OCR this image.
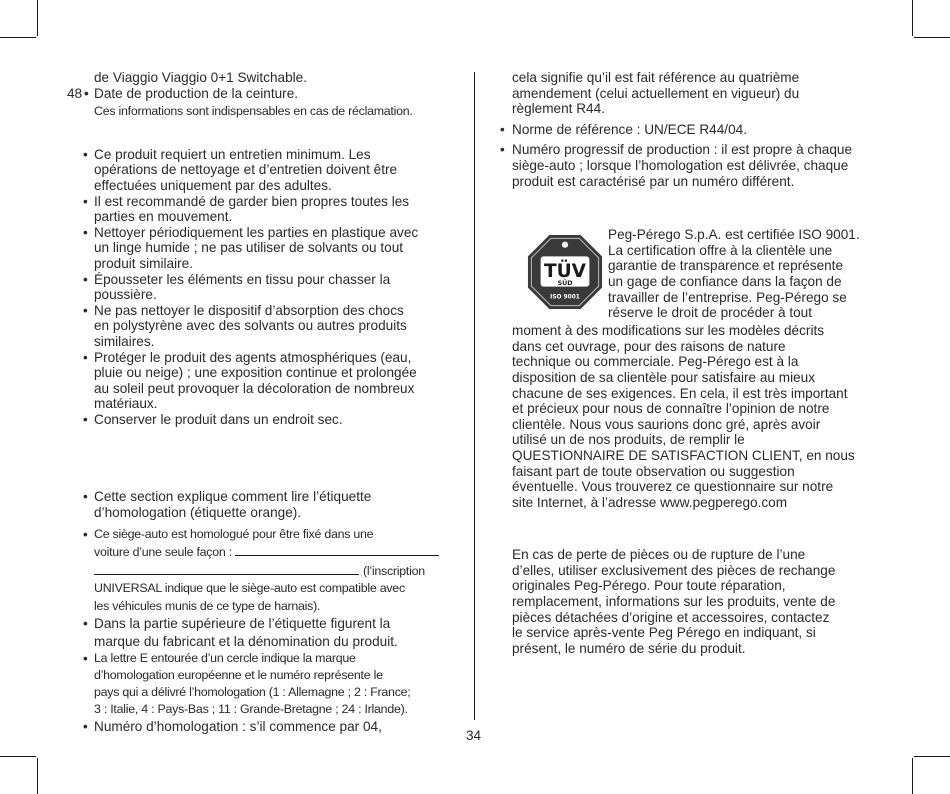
de Viaggio Viaggio 0+1 Switchable.
48 • Date de production de la ceinture.
Ces informations sont indispensables en cas de réclamation.
• Ce produit requiert un entretien minimum. Les
opérations de nettoyage et d’entretien doivent être
effectuées uniquement par des adultes.
• Il est recommandé de garder bien propres toutes les
parties en mouvement.
• Nettoyer périodiquement les parties en plastique avec
un linge humide ; ne pas utiliser de solvants ou tout
produit similaire.
• Épousseter les éléments en tissu pour chasser la
poussière.
• Ne pas nettoyer le dispositif d’absorption des chocs
en polystyrène avec des solvants ou autres produits
similaires.
• Protéger le produit des agents atmosphériques (eau,
pluie ou neige) ; une exposition continue et prolongée
au soleil peut provoquer la décoloration de nombreux
matériaux.
• Conserver le produit dans un endroit sec.
• Cette section explique comment lire l’étiquette
d’homologation (étiquette orange).
• Ce siège-auto est homologué pour être fixé dans une
voiture d’une seule façon :
(l’inscription
UNIVERSAL indique que le siège-auto est compatible avec
les véhicules munis de ce type de harnais).
• Dans la partie supérieure de l’étiquette figurent la
marque du fabricant et la dénomination du produit.
• La lettre E entourée d’un cercle indique la marque
d’homologation européenne et le numéro représente le
pays qui a délivré l’homologation (1 : Allemagne ; 2 : France;
3 : Italie, 4 : Pays-Bas ; 11 : Grande-Bretagne ; 24 : Irlande).
• Numéro d’homologation : s’il commence par 04,
cela signifie qu’il est fait référence au quatrième
amendement (celui actuellement en vigueur) du
règlement R44.
• Norme de référence : UN/ECE R44/04.
• Numéro progressif de production : il est propre à chaque
siège-auto ; lorsque l’homologation est délivrée, chaque
produit est caractérisé par un numéro différent.
TÜV
SÜD
ISO 9001
Peg-Pérego S.p.A. est certifiée ISO 9001.
La certification offre à la clientèle une
garantie de transparence et représente
un gage de confiance dans la façon de
travailler de l’entreprise. Peg-Pérego se
réserve le droit de procéder à tout
moment à des modifications sur les modèles décrits
dans cet ouvrage, pour des raisons de nature
technique ou commerciale. Peg-Pérego est à la
disposition de sa clientèle pour satisfaire au mieux
chacune de ses exigences. En cela, il est très important
et précieux pour nous de connaître l’opinion de notre
clientèle. Nous vous saurions donc gré, après avoir
utilisé un de nos produits, de remplir le
QUESTIONNAIRE DE SATISFACTION CLIENT, en nous
faisant part de toute observation ou suggestion
éventuelle. Vous trouverez ce questionnaire sur notre
site Internet, à l’adresse www.pegperego.com
En cas de perte de pièces ou de rupture de l’une
d’elles, utiliser exclusivement des pièces de rechange
originales Peg-Pérego. Pour toute réparation,
remplacement, informations sur les produits, vente de
pièces détachées d’origine et accessoires, contactez
le service après-vente Peg Pérego en indiquant, si
présent, le numéro de série du produit.
34
